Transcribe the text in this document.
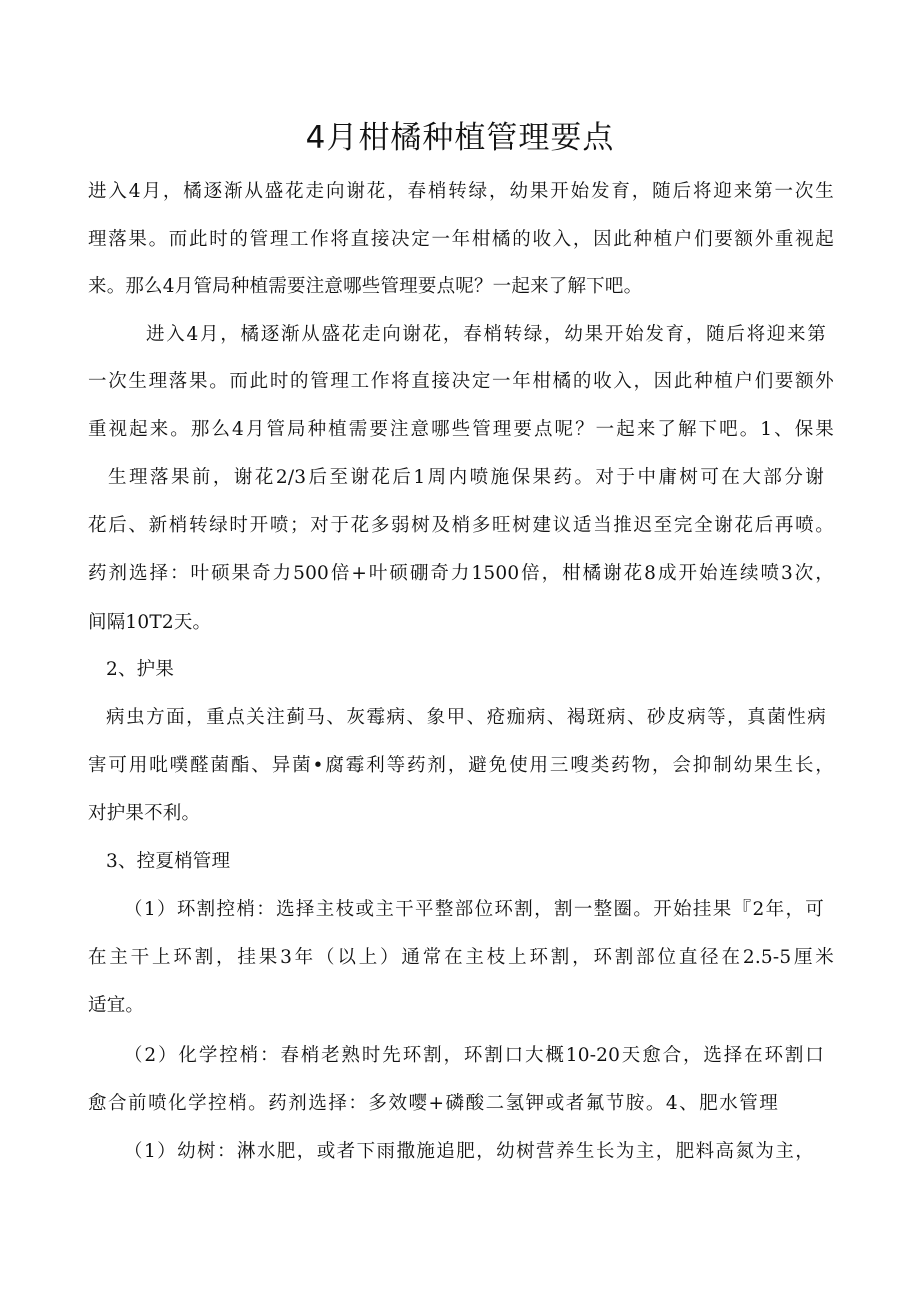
4月柑橘种植管理要点
进入4月，橘逐渐从盛花走向谢花，春梢转绿，幼果开始发育，随后将迎来第一次生
理落果。而此时的管理工作将直接决定一年柑橘的收入，因此种植户们要额外重视起
来。那么4月管局种植需要注意哪些管理要点呢？一起来了解下吧。
进入4月，橘逐渐从盛花走向谢花，春梢转绿，幼果开始发育，随后将迎来第
一次生理落果。而此时的管理工作将直接决定一年柑橘的收入，因此种植户们要额外
重视起来。那么4月管局种植需要注意哪些管理要点呢？一起来了解下吧。1、保果
生理落果前，谢花2/3后至谢花后1周内喷施保果药。对于中庸树可在大部分谢
花后、新梢转绿时开喷；对于花多弱树及梢多旺树建议适当推迟至完全谢花后再喷。
药剂选择：叶硕果奇力500倍+叶硕硼奇力1500倍，柑橘谢花8成开始连续喷3次，
间隔10T2天。
2、护果
病虫方面，重点关注蓟马、灰霉病、象甲、疮痂病、褐斑病、砂皮病等，真菌性病
害可用吡噗醛菌酯、异菌•腐霉利等药剂，避免使用三嗖类药物，会抑制幼果生长，
对护果不利。
3、控夏梢管理
（1）环割控梢：选择主枝或主干平整部位环割，割一整圈。开始挂果『2年，可
在主干上环割，挂果3年（以上）通常在主枝上环割，环割部位直径在2.5-5厘米
适宜。
（2）化学控梢：春梢老熟时先环割，环割口大概10-20天愈合，选择在环割口
愈合前喷化学控梢。药剂选择：多效嘤+磷酸二氢钾或者氟节胺。4、肥水管理
（1）幼树：淋水肥，或者下雨撒施追肥，幼树营养生长为主，肥料高氮为主，
